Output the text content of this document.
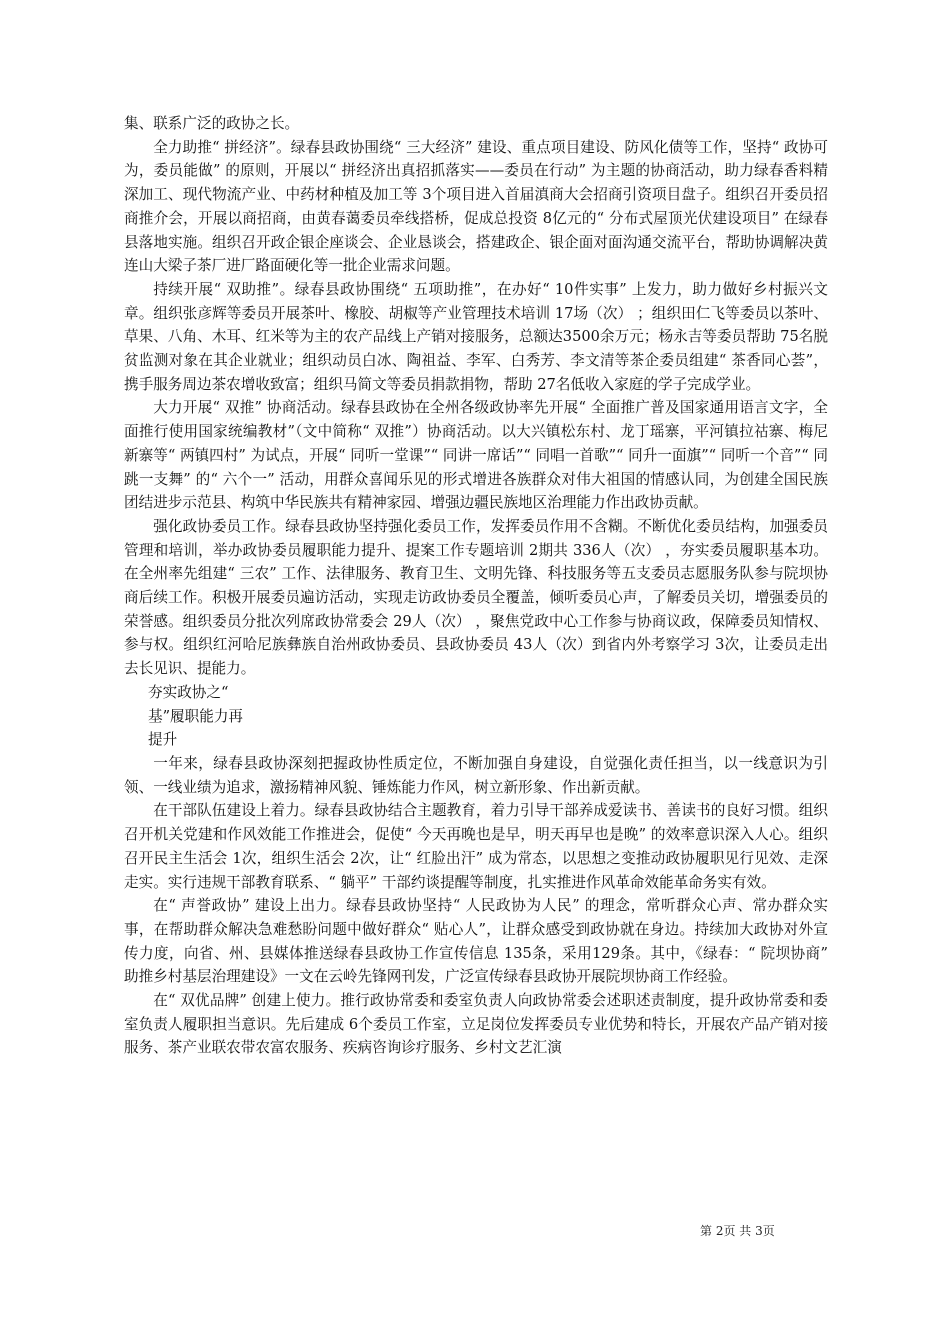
集、联系广泛的政协之长。

全力助推“ 拼经济”。绿春县政协围绕“ 三大经济” 建设、重点项目建设、防风化债等工作，坚持“ 政协可为，委员能做” 的原则，开展以“ 拼经济出真招抓落实——委员在行动” 为主题的协商活动，助力绿春香料精深加工、现代物流产业、中药材种植及加工等 3个项目进入首届滇商大会招商引资项目盘子。组织召开委员招商推介会，开展以商招商，由黄春蔼委员牵线搭桥，促成总投资 8亿元的“ 分布式屋顶光伏建设项目” 在绿春县落地实施。组织召开政企银企座谈会、企业恳谈会，搭建政企、银企面对面沟通交流平台，帮助协调解决黄连山大梁子茶厂进厂路面硬化等一批企业需求问题。

持续开展“ 双助推”。绿春县政协围绕“ 五项助推”，在办好“ 10件实事” 上发力，助力做好乡村振兴文章。组织张彦辉等委员开展茶叶、橡胶、胡椒等产业管理技术培训 17场（次） ；组织田仁飞等委员以茶叶、草果、八角、木耳、红米等为主的农产品线上产销对接服务，总额达3500余万元；杨永吉等委员帮助 75名脱贫监测对象在其企业就业；组织动员白冰、陶祖益、李军、白秀芳、李文清等茶企委员组建“ 茶香同心荟”，携手服务周边茶农增收致富；组织马简文等委员捐款捐物，帮助 27名低收入家庭的学子完成学业。

大力开展“ 双推” 协商活动。绿春县政协在全州各级政协率先开展“ 全面推广普及国家通用语言文字，全面推行使用国家统编教材”（文中简称“ 双推”）协商活动。以大兴镇松东村、龙丁瑶寨，平河镇拉祜寨、梅尼新寨等“ 两镇四村” 为试点，开展“ 同听一堂课”“ 同讲一席话”“ 同唱一首歌”“ 同升一面旗”“ 同听一个音”“ 同跳一支舞” 的“ 六个一” 活动，用群众喜闻乐见的形式增进各族群众对伟大祖国的情感认同，为创建全国民族团结进步示范县、构筑中华民族共有精神家园、增强边疆民族地区治理能力作出政协贡献。

强化政协委员工作。绿春县政协坚持强化委员工作，发挥委员作用不含糊。不断优化委员结构，加强委员管理和培训，举办政协委员履职能力提升、提案工作专题培训 2期共 336人（次） ，夯实委员履职基本功。在全州率先组建“ 三农” 工作、法律服务、教育卫生、文明先锋、科技服务等五支委员志愿服务队参与院坝协商后续工作。积极开展委员遍访活动，实现走访政协委员全覆盖，倾听委员心声，了解委员关切，增强委员的荣誉感。组织委员分批次列席政协常委会 29人（次） ，聚焦党政中心工作参与协商议政，保障委员知情权、参与权。组织红河哈尼族彝族自治州政协委员、县政协委员 43人（次）到省内外考察学习 3次，让委员走出去长见识、提能力。

夯实政协之“

基”履职能力再

提升

一年来，绿春县政协深刻把握政协性质定位，不断加强自身建设，自觉强化责任担当，以一线意识为引领、一线业绩为追求，激扬精神风貌、锤炼能力作风，树立新形象、作出新贡献。

在干部队伍建设上着力。绿春县政协结合主题教育，着力引导干部养成爱读书、善读书的良好习惯。组织召开机关党建和作风效能工作推进会，促使“ 今天再晚也是早，明天再早也是晚” 的效率意识深入人心。组织召开民主生活会 1次，组织生活会 2次，让“ 红脸出汗” 成为常态，以思想之变推动政协履职见行见效、走深走实。实行违规干部教育联系、“ 躺平” 干部约谈提醒等制度，扎实推进作风革命效能革命务实有效。

在“ 声誉政协” 建设上出力。绿春县政协坚持“ 人民政协为人民” 的理念，常听群众心声、常办群众实事，在帮助群众解决急难愁盼问题中做好群众“ 贴心人”，让群众感受到政协就在身边。持续加大政协对外宣传力度，向省、州、县媒体推送绿春县政协工作宣传信息 135条，采用129条。其中，《绿春：“ 院坝协商” 助推乡村基层治理建设》一文在云岭先锋网刊发，广泛宣传绿春县政协开展院坝协商工作经验。

在“ 双优品牌” 创建上使力。推行政协常委和委室负责人向政协常委会述职述责制度，提升政协常委和委室负责人履职担当意识。先后建成 6个委员工作室，立足岗位发挥委员专业优势和特长，开展农产品产销对接服务、茶产业联农带农富农服务、疾病咨询诊疗服务、乡村文艺汇演

第 2页 共 3页
